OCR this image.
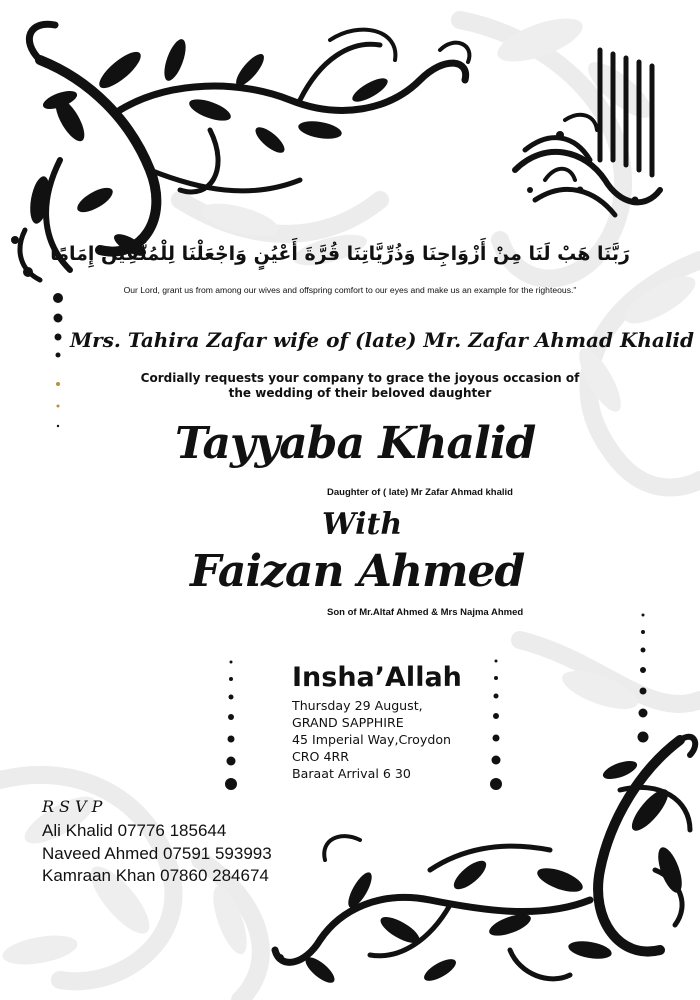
رَبَّنَا هَبْ لَنَا مِنْ أَزْوَاجِنَا وَذُرِّيَّاتِنَا قُرَّةَ أَعْيُنٍ وَاجْعَلْنَا لِلْمُتَّقِينَ إِمَامًا
Our Lord, grant us from among our wives and offspring comfort to our eyes and make us an example for the righteous."
Mrs. Tahira Zafar wife of (late) Mr. Zafar Ahmad Khalid
Cordially requests your company to grace the joyous occasion of
the wedding of their beloved daughter
Tayyaba Khalid
Daughter of ( late) Mr Zafar Ahmad khalid
With
Faizan Ahmed
Son of Mr.Altaf Ahmed & Mrs Najma Ahmed
Insha’Allah
Thursday 29 August,
GRAND SAPPHIRE
45 Imperial Way,Croydon
CRO 4RR
Baraat Arrival 6 30
RSVP
Ali Khalid 07776 185644
Naveed Ahmed 07591 593993
Kamraan Khan 07860 284674
